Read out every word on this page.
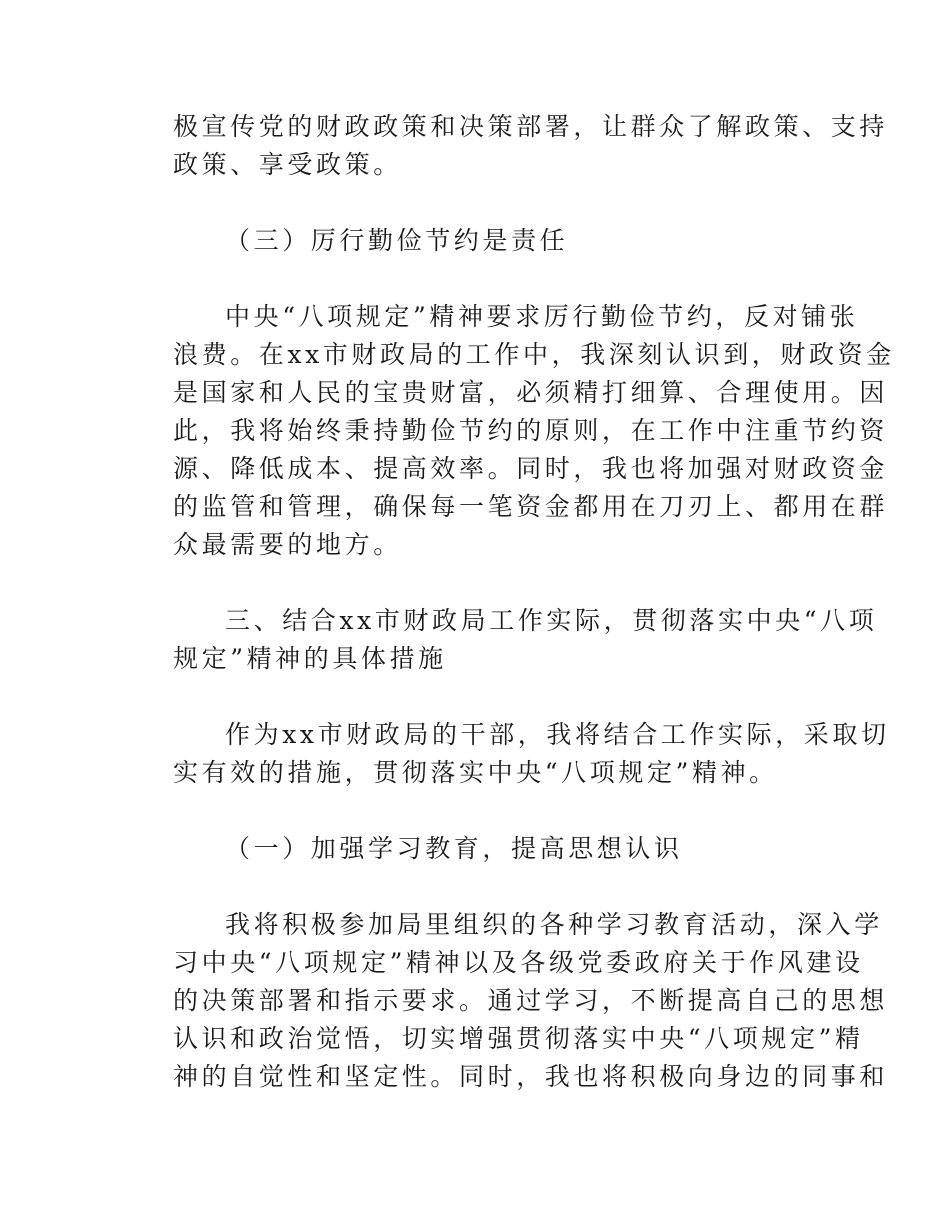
极宣传党的财政政策和决策部署，让群众了解政策、支持
政策、享受政策。
（三）厉行勤俭节约是责任
中央“八项规定”精神要求厉行勤俭节约，反对铺张
浪费。在xx市财政局的工作中，我深刻认识到，财政资金
是国家和人民的宝贵财富，必须精打细算、合理使用。因
此，我将始终秉持勤俭节约的原则，在工作中注重节约资
源、降低成本、提高效率。同时，我也将加强对财政资金
的监管和管理，确保每一笔资金都用在刀刃上、都用在群
众最需要的地方。
三、结合xx市财政局工作实际，贯彻落实中央“八项
规定”精神的具体措施
作为xx市财政局的干部，我将结合工作实际，采取切
实有效的措施，贯彻落实中央“八项规定”精神。
（一）加强学习教育，提高思想认识
我将积极参加局里组织的各种学习教育活动，深入学
习中央“八项规定”精神以及各级党委政府关于作风建设
的决策部署和指示要求。通过学习，不断提高自己的思想
认识和政治觉悟，切实增强贯彻落实中央“八项规定”精
神的自觉性和坚定性。同时，我也将积极向身边的同事和
